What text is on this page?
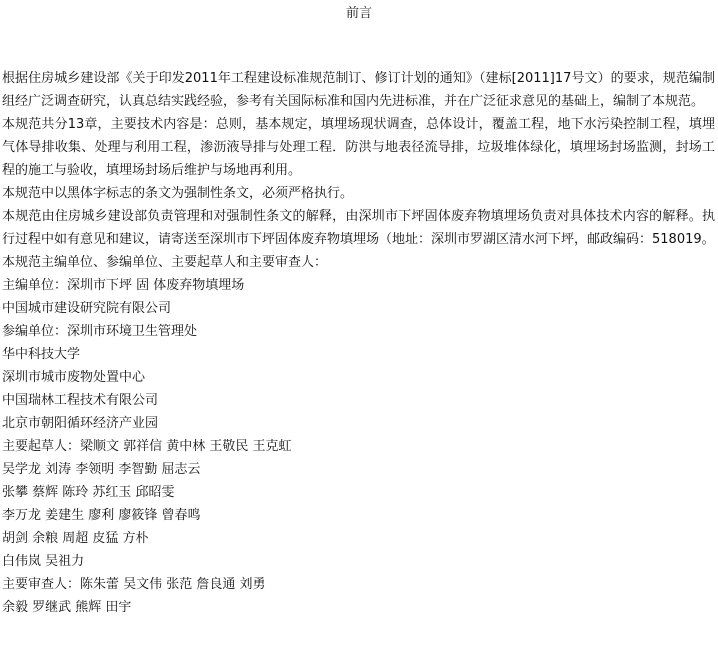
前言

根据住房城乡建设部《关于印发2011年工程建设标准规范制订、修订计划的通知》（建标[2011]17号文）的要求，规范编制组经广泛调查研究，认真总结实践经验，参考有关国际标准和国内先进标准，并在广泛征求意见的基础上，编制了本规范。

本规范共分13章，主要技术内容是：总则，基本规定，填埋场现状调查，总体设计，覆盖工程，地下水污染控制工程，填埋气体导排收集、处理与利用工程，渗沥液导排与处理工程．防洪与地表径流导排，垃圾堆体绿化，填埋场封场监测，封场工程的施工与验收，填埋场封场后维护与场地再利用。

本规范中以黑体字标志的条文为强制性条文，必须严格执行。

本规范由住房城乡建设部负责管理和对强制性条文的解释，由深圳市下坪固体废弃物填埋场负责对具体技术内容的解释。执行过程中如有意见和建议，请寄送至深圳市下坪固体废弃物填埋场（地址：深圳市罗湖区清水河下坪，邮政编码：518019。

本规范主编单位、参编单位、主要起草人和主要审查人：

主编单位：深圳市下坪 固 体废弃物填埋场

中国城市建设研究院有限公司

参编单位：深圳市环境卫生管理处

华中科技大学

深圳市城市废物处置中心

中国瑞林工程技术有限公司

北京市朝阳循环经济产业园

主要起草人：梁顺文 郭祥信 黄中林 王敬民 王克虹

吴学龙 刘涛 李领明 李智勤 屈志云

张攀 蔡辉 陈玲 苏红玉 邱昭雯

李万龙 姜建生 廖利 廖筱锋 曾春鸣

胡剑 余粮 周超 皮猛 方朴

白伟岚 吴祖力

主要审查人：陈朱蕾 吴文伟 张范 詹良通 刘勇

余毅 罗继武 熊辉 田宇
